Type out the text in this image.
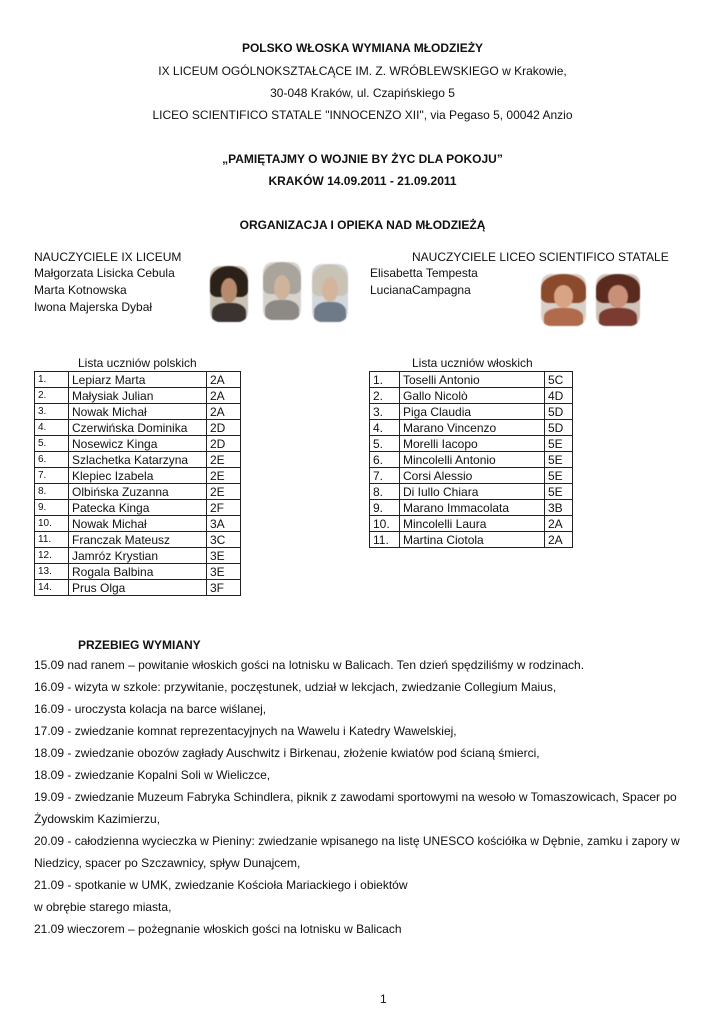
POLSKO WŁOSKA WYMIANA MŁODZIEŻY
IX LICEUM OGÓLNOKSZTAŁCĄCE IM. Z. WRÓBLEWSKIEGO w Krakowie,
30-048 Kraków, ul. Czapińskiego 5
LICEO SCIENTIFICO STATALE "INNOCENZO XII", via Pegaso 5, 00042 Anzio
„PAMIĘTAJMY O WOJNIE BY ŻYC DLA POKOJU”
KRAKÓW 14.09.2011 - 21.09.2011
ORGANIZACJA I OPIEKA NAD MŁODZIEŻĄ
NAUCZYCIELE IX LICEUM
Małgorzata Lisicka Cebula
Marta Kotnowska
Iwona Majerska Dybał
NAUCZYCIELE LICEO SCIENTIFICO STATALE
Elisabetta Tempesta
LucianaCampagna
Lista uczniów polskich
1.	Lepiarz Marta	2A
2.	Małysiak Julian	2A
3.	Nowak Michał	2A
4.	Czerwińska Dominika	2D
5.	Nosewicz Kinga	2D
6.	Szlachetka Katarzyna	2E
7.	Klepiec Izabela	2E
8.	Olbińska Zuzanna	2E
9.	Patecka Kinga	2F
10.	Nowak Michał	3A
11.	Franczak Mateusz	3C
12.	Jamróz Krystian	3E
13.	Rogala Balbina	3E
14.	Prus Olga	3F
Lista uczniów włoskich
1.	Toselli Antonio	5C
2.	Gallo Nicolò	4D
3.	Piga Claudia	5D
4.	Marano Vincenzo	5D
5.	Morelli Iacopo	5E
6.	Mincolelli Antonio	5E
7.	Corsi Alessio	5E
8.	Di Iullo Chiara	5E
9.	Marano Immacolata	3B
10.	Mincolelli Laura	2A
11.	Martina Ciotola	2A
PRZEBIEG WYMIANY
15.09 nad ranem – powitanie włoskich gości na lotnisku w Balicach. Ten dzień spędziliśmy w rodzinach.
16.09 - wizyta w szkole: przywitanie, poczęstunek, udział w lekcjach, zwiedzanie Collegium Maius,
16.09 - uroczysta kolacja na barce wiślanej,
17.09 - zwiedzanie komnat reprezentacyjnych na Wawelu i Katedry Wawelskiej,
18.09 - zwiedzanie obozów zagłady Auschwitz i Birkenau, złożenie kwiatów pod ścianą śmierci,
18.09 - zwiedzanie Kopalni Soli w Wieliczce,
19.09 - zwiedzanie Muzeum Fabryka Schindlera, piknik z zawodami sportowymi na wesoło w Tomaszowicach, Spacer po
Żydowskim Kazimierzu,
20.09 - całodzienna wycieczka w Pieniny: zwiedzanie wpisanego na listę UNESCO kościółka w Dębnie, zamku i zapory w
Niedzicy, spacer po Szczawnicy, spływ Dunajcem,
21.09 - spotkanie w UMK, zwiedzanie Kościoła Mariackiego i obiektów
w obrębie starego miasta,
21.09 wieczorem – pożegnanie włoskich gości na lotnisku w Balicach
1
